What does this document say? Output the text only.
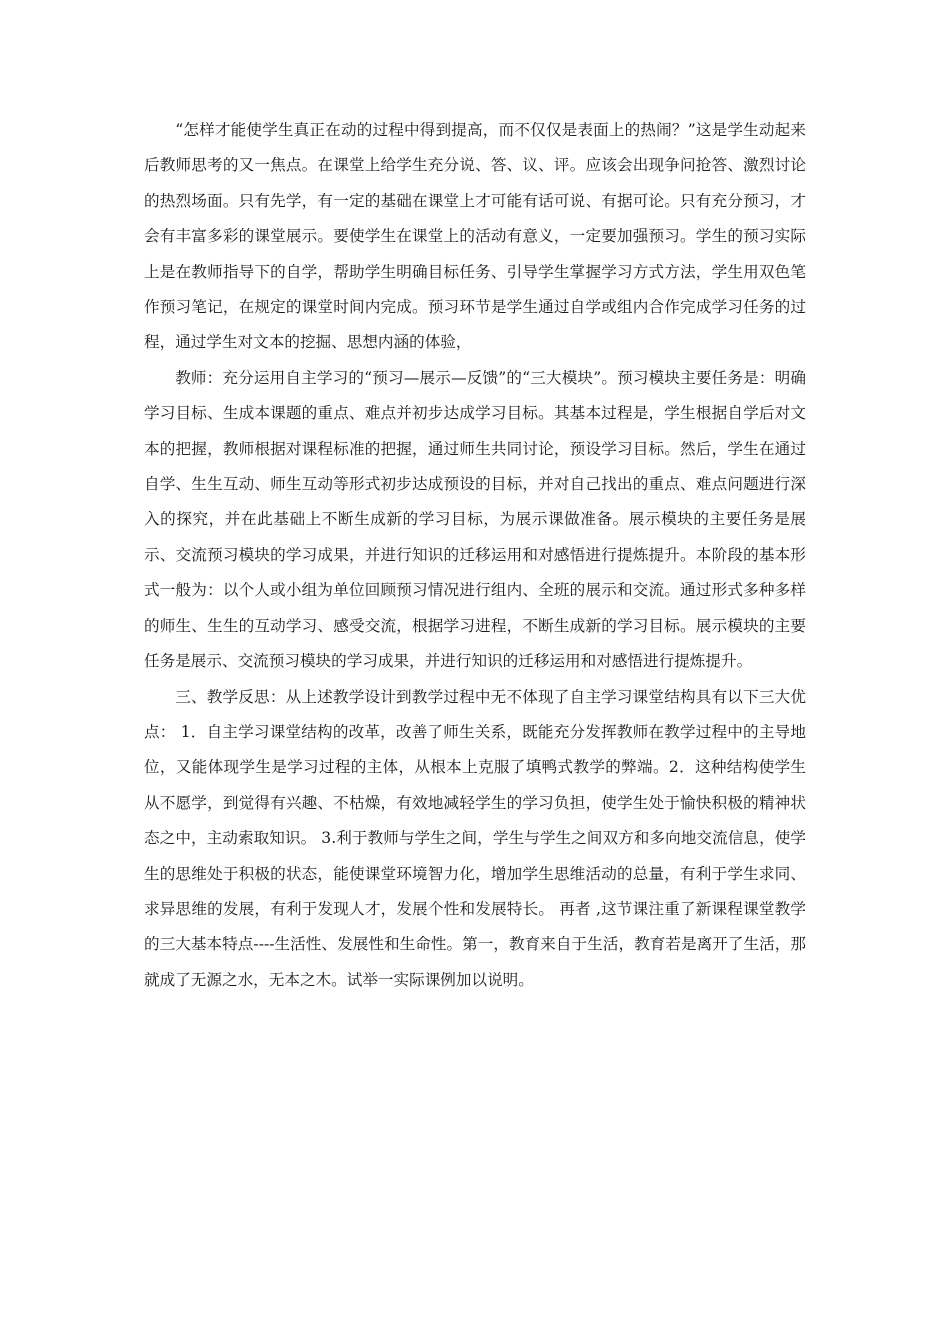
“怎样才能使学生真正在动的过程中得到提高，而不仅仅是表面上的热闹？”这是学生动起来后教师思考的又一焦点。在课堂上给学生充分说、答、议、评。应该会出现争问抢答、激烈讨论的热烈场面。只有先学，有一定的基础在课堂上才可能有话可说、有据可论。只有充分预习，才会有丰富多彩的课堂展示。要使学生在课堂上的活动有意义，一定要加强预习。学生的预习实际上是在教师指导下的自学，帮助学生明确目标任务、引导学生掌握学习方式方法，学生用双色笔作预习笔记，在规定的课堂时间内完成。预习环节是学生通过自学或组内合作完成学习任务的过程，通过学生对文本的挖掘、思想内涵的体验，

教师：充分运用自主学习的“预习—展示—反馈”的“三大模块”。预习模块主要任务是：明确学习目标、生成本课题的重点、难点并初步达成学习目标。其基本过程是，学生根据自学后对文本的把握，教师根据对课程标准的把握，通过师生共同讨论，预设学习目标。然后，学生在通过自学、生生互动、师生互动等形式初步达成预设的目标，并对自己找出的重点、难点问题进行深入的探究，并在此基础上不断生成新的学习目标，为展示课做准备。展示模块的主要任务是展示、交流预习模块的学习成果，并进行知识的迁移运用和对感悟进行提炼提升。本阶段的基本形式一般为：以个人或小组为单位回顾预习情况进行组内、全班的展示和交流。通过形式多种多样的师生、生生的互动学习、感受交流，根据学习进程，不断生成新的学习目标。展示模块的主要任务是展示、交流预习模块的学习成果，并进行知识的迁移运用和对感悟进行提炼提升。

三、教学反思：从上述教学设计到教学过程中无不体现了自主学习课堂结构具有以下三大优点： 1．自主学习课堂结构的改革，改善了师生关系，既能充分发挥教师在教学过程中的主导地位，又能体现学生是学习过程的主体，从根本上克服了填鸭式教学的弊端。2．这种结构使学生从不愿学，到觉得有兴趣、不枯燥，有效地减轻学生的学习负担，使学生处于愉快积极的精神状态之中，主动索取知识。 3.利于教师与学生之间，学生与学生之间双方和多向地交流信息，使学生的思维处于积极的状态，能使课堂环境智力化，增加学生思维活动的总量，有利于学生求同、求异思维的发展，有利于发现人才，发展个性和发展特长。 再者 ,这节课注重了新课程课堂教学的三大基本特点----生活性、发展性和生命性。第一，教育来自于生活，教育若是离开了生活，那就成了无源之水，无本之木。试举一实际课例加以说明。
